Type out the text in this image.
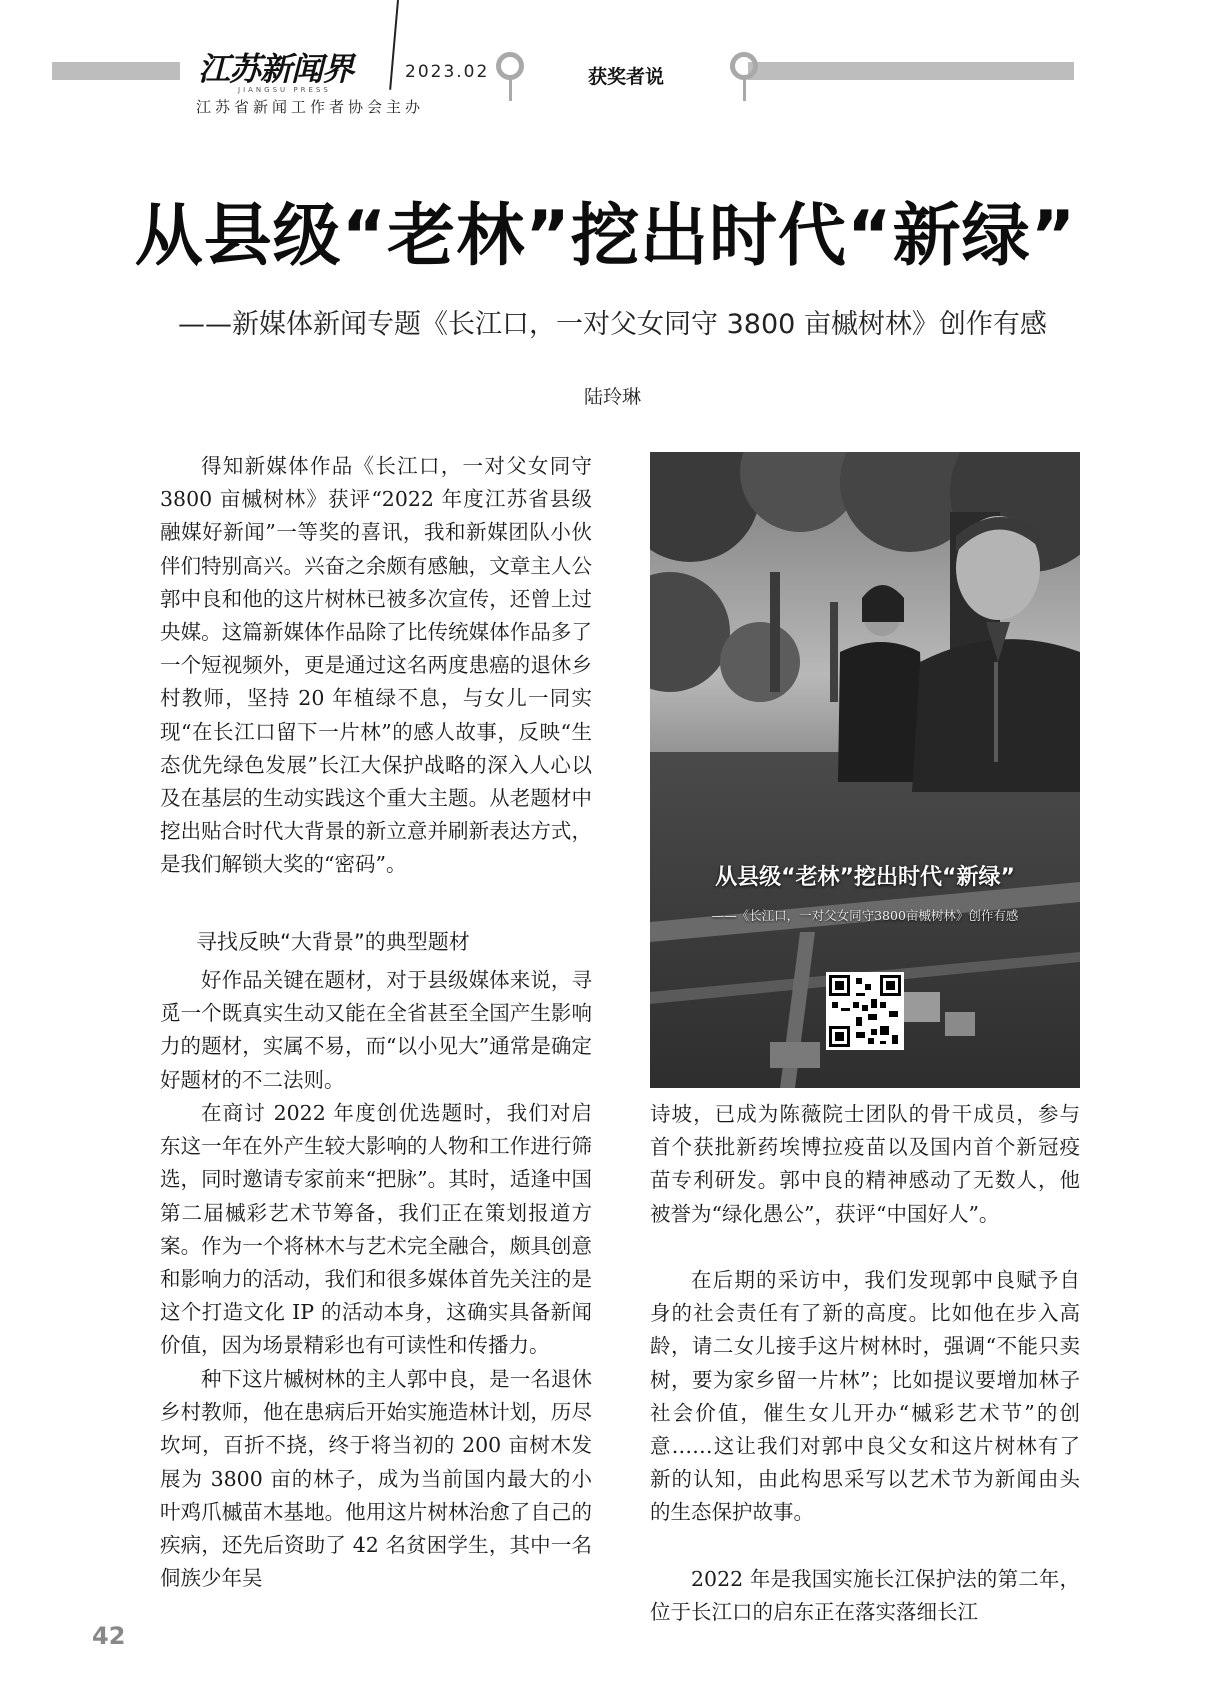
江苏新闻界
JIANGSU PRESS
江苏省新闻工作者协会主办
2023.02	获奖者说
从县级“老林”挖出时代“新绿”
——新媒体新闻专题《长江口，一对父女同守 3800 亩槭树林》创作有感
陆玲琳

得知新媒体作品《长江口，一对父女同守 3800 亩槭树林》获评“2022 年度江苏省县级融媒好新闻”一等奖的喜讯，我和新媒团队小伙伴们特别高兴。兴奋之余颇有感触，文章主人公郭中良和他的这片树林已被多次宣传，还曾上过央媒。这篇新媒体作品除了比传统媒体作品多了一个短视频外，更是通过这名两度患癌的退休乡村教师，坚持 20 年植绿不息，与女儿一同实现“在长江口留下一片林”的感人故事，反映“生态优先绿色发展”长江大保护战略的深入人心以及在基层的生动实践这个重大主题。从老题材中挖出贴合时代大背景的新立意并刷新表达方式，是我们解锁大奖的“密码”。

寻找反映“大背景”的典型题材

好作品关键在题材，对于县级媒体来说，寻觅一个既真实生动又能在全省甚至全国产生影响力的题材，实属不易，而“以小见大”通常是确定好题材的不二法则。

在商讨 2022 年度创优选题时，我们对启东这一年在外产生较大影响的人物和工作进行筛选，同时邀请专家前来“把脉”。其时，适逢中国第二届槭彩艺术节筹备，我们正在策划报道方案。作为一个将林木与艺术完全融合，颇具创意和影响力的活动，我们和很多媒体首先关注的是这个打造文化 IP 的活动本身，这确实具备新闻价值，因为场景精彩也有可读性和传播力。

种下这片槭树林的主人郭中良，是一名退休乡村教师，他在患病后开始实施造林计划，历尽坎坷，百折不挠，终于将当初的 200 亩树木发展为 3800 亩的林子，成为当前国内最大的小叶鸡爪槭苗木基地。他用这片树林治愈了自己的疾病，还先后资助了 42 名贫困学生，其中一名侗族少年吴

从县级“老林”挖出时代“新绿”
——《长江口，一对父女同守3800亩槭树林》创作有感

诗坡，已成为陈薇院士团队的骨干成员，参与首个获批新药埃博拉疫苗以及国内首个新冠疫苗专利研发。郭中良的精神感动了无数人，他被誉为“绿化愚公”，获评“中国好人”。

在后期的采访中，我们发现郭中良赋予自身的社会责任有了新的高度。比如他在步入高龄，请二女儿接手这片树林时，强调“不能只卖树，要为家乡留一片林”；比如提议要增加林子社会价值，催生女儿开办“槭彩艺术节”的创意……这让我们对郭中良父女和这片树林有了新的认知，由此构思采写以艺术节为新闻由头的生态保护故事。

2022 年是我国实施长江保护法的第二年，位于长江口的启东正在落实落细长江

42
